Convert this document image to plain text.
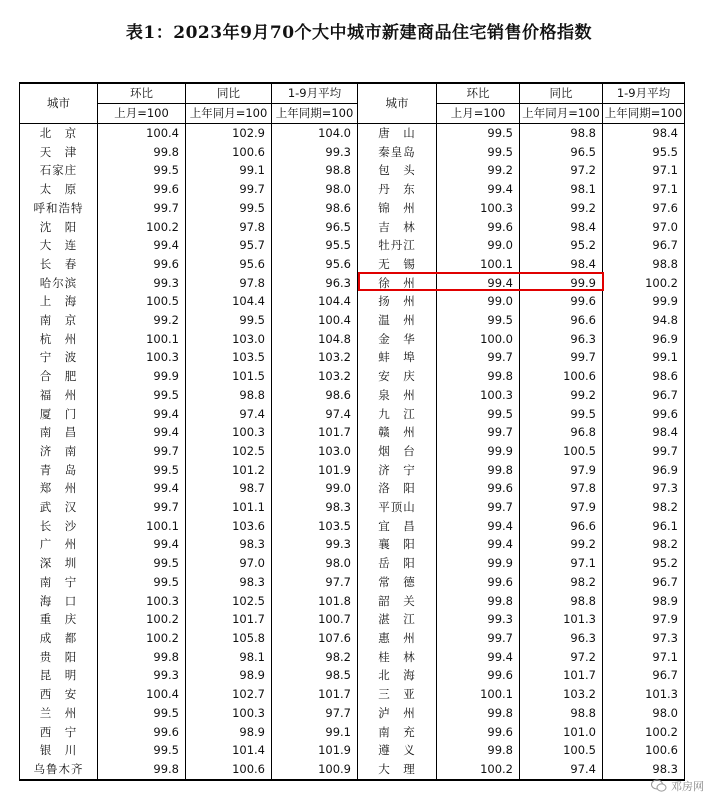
表1：2023年9月70个大中城市新建商品住宅销售价格指数
城市	环比	同比	1-9月平均	城市	环比	同比	1-9月平均
	上月=100	上年同月=100	上年同期=100		上月=100	上年同月=100	上年同期=100
北　京	100.4	102.9	104.0	唐　山	99.5	98.8	98.4
天　津	99.8	100.6	99.3	秦皇岛	99.5	96.5	95.5
石家庄	99.5	99.1	98.8	包　头	99.2	97.2	97.1
太　原	99.6	99.7	98.0	丹　东	99.4	98.1	97.1
呼和浩特	99.7	99.5	98.6	锦　州	100.3	99.2	97.6
沈　阳	100.2	97.8	96.5	吉　林	99.6	98.4	97.0
大　连	99.4	95.7	95.5	牡丹江	99.0	95.2	96.7
长　春	99.6	95.6	95.6	无　锡	100.1	98.4	98.8
哈尔滨	99.3	97.8	96.3	徐　州	99.4	99.9	100.2
上　海	100.5	104.4	104.4	扬　州	99.0	99.6	99.9
南　京	99.2	99.5	100.4	温　州	99.5	96.6	94.8
杭　州	100.1	103.0	104.8	金　华	100.0	96.3	96.9
宁　波	100.3	103.5	103.2	蚌　埠	99.7	99.7	99.1
合　肥	99.9	101.5	103.2	安　庆	99.8	100.6	98.6
福　州	99.5	98.8	98.6	泉　州	100.3	99.2	96.7
厦　门	99.4	97.4	97.4	九　江	99.5	99.5	99.6
南　昌	99.4	100.3	101.7	赣　州	99.7	96.8	98.4
济　南	99.7	102.5	103.0	烟　台	99.9	100.5	99.7
青　岛	99.5	101.2	101.9	济　宁	99.8	97.9	96.9
郑　州	99.4	98.7	99.0	洛　阳	99.6	97.8	97.3
武　汉	99.7	101.1	98.3	平顶山	99.7	97.9	98.2
长　沙	100.1	103.6	103.5	宜　昌	99.4	96.6	96.1
广　州	99.4	98.3	99.3	襄　阳	99.4	99.2	98.2
深　圳	99.5	97.0	98.0	岳　阳	99.9	97.1	95.2
南　宁	99.5	98.3	97.7	常　德	99.6	98.2	96.7
海　口	100.3	102.5	101.8	韶　关	99.8	98.8	98.9
重　庆	100.2	101.7	100.7	湛　江	99.3	101.3	97.9
成　都	100.2	105.8	107.6	惠　州	99.7	96.3	97.3
贵　阳	99.8	98.1	98.2	桂　林	99.4	97.2	97.1
昆　明	99.3	98.9	98.5	北　海	99.6	101.7	96.7
西　安	100.4	102.7	101.7	三　亚	100.1	103.2	101.3
兰　州	99.5	100.3	97.7	泸　州	99.8	98.8	98.0
西　宁	99.6	98.9	99.1	南　充	99.6	101.0	100.2
银　川	99.5	101.4	101.9	遵　义	99.8	100.5	100.6
乌鲁木齐	99.8	100.6	100.9	大　理	100.2	97.4	98.3
邓房网
